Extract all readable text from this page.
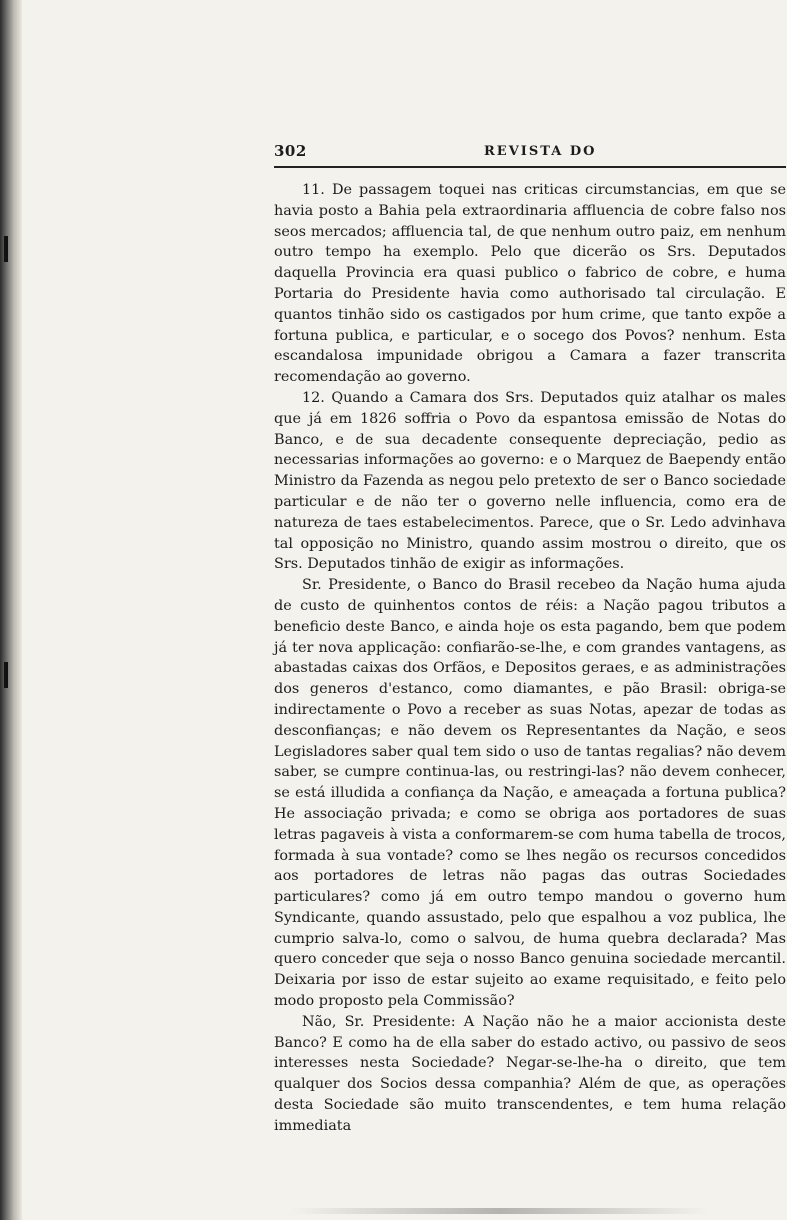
302	REVISTA DO

11. De passagem toquei nas criticas circumstancias, em que se havia posto a Bahia pela extraordinaria affluencia de cobre falso nos seos mercados; affluencia tal, de que nenhum outro paiz, em nenhum outro tempo ha exemplo. Pelo que dicerão os Srs. Deputados daquella Provincia era quasi publico o fabrico de cobre, e huma Portaria do Presidente havia como authorisado tal circulação. E quantos tinhão sido os castigados por hum crime, que tanto expõe a fortuna publica, e particular, e o socego dos Povos? nenhum. Esta escandalosa impunidade obrigou a Camara a fazer transcrita recomendação ao governo.

12. Quando a Camara dos Srs. Deputados quiz atalhar os males que já em 1826 soffria o Povo da espantosa emissão de Notas do Banco, e de sua decadente consequente depreciação, pedio as necessarias informações ao governo: e o Marquez de Baependy então Ministro da Fazenda as negou pelo pretexto de ser o Banco sociedade particular e de não ter o governo nelle influencia, como era de natureza de taes estabelecimentos. Parece, que o Sr. Ledo advinhava tal opposição no Ministro, quando assim mostrou o direito, que os Srs. Deputados tinhão de exigir as informações.

Sr. Presidente, o Banco do Brasil recebeo da Nação huma ajuda de custo de quinhentos contos de réis: a Nação pagou tributos a beneficio deste Banco, e ainda hoje os esta pagando, bem que podem já ter nova applicação: confiarão-se-lhe, e com grandes vantagens, as abastadas caixas dos Orfãos, e Depositos geraes, e as administrações dos generos d'estanco, como diamantes, e pão Brasil: obriga-se indirectamente o Povo a receber as suas Notas, apezar de todas as desconfianças; e não devem os Representantes da Nação, e seos Legisladores saber qual tem sido o uso de tantas regalias? não devem saber, se cumpre continua-las, ou restringi-las? não devem conhecer, se está illudida a confiança da Nação, e ameaçada a fortuna publica? He associação privada; e como se obriga aos portadores de suas letras pagaveis à vista a conformarem-se com huma tabella de trocos, formada à sua vontade? como se lhes negão os recursos concedidos aos portadores de letras não pagas das outras Sociedades particulares? como já em outro tempo mandou o governo hum Syndicante, quando assustado, pelo que espalhou a voz publica, lhe cumprio salva-lo, como o salvou, de huma quebra declarada? Mas quero conceder que seja o nosso Banco genuina sociedade mercantil. Deixaria por isso de estar sujeito ao exame requisitado, e feito pelo modo proposto pela Commissão?

Não, Sr. Presidente: A Nação não he a maior accionista deste Banco? E como ha de ella saber do estado activo, ou passivo de seos interesses nesta Sociedade? Negar-se-lhe-ha o direito, que tem qualquer dos Socios dessa companhia? Além de que, as operações desta Sociedade são muito transcendentes, e tem huma relação immediata
